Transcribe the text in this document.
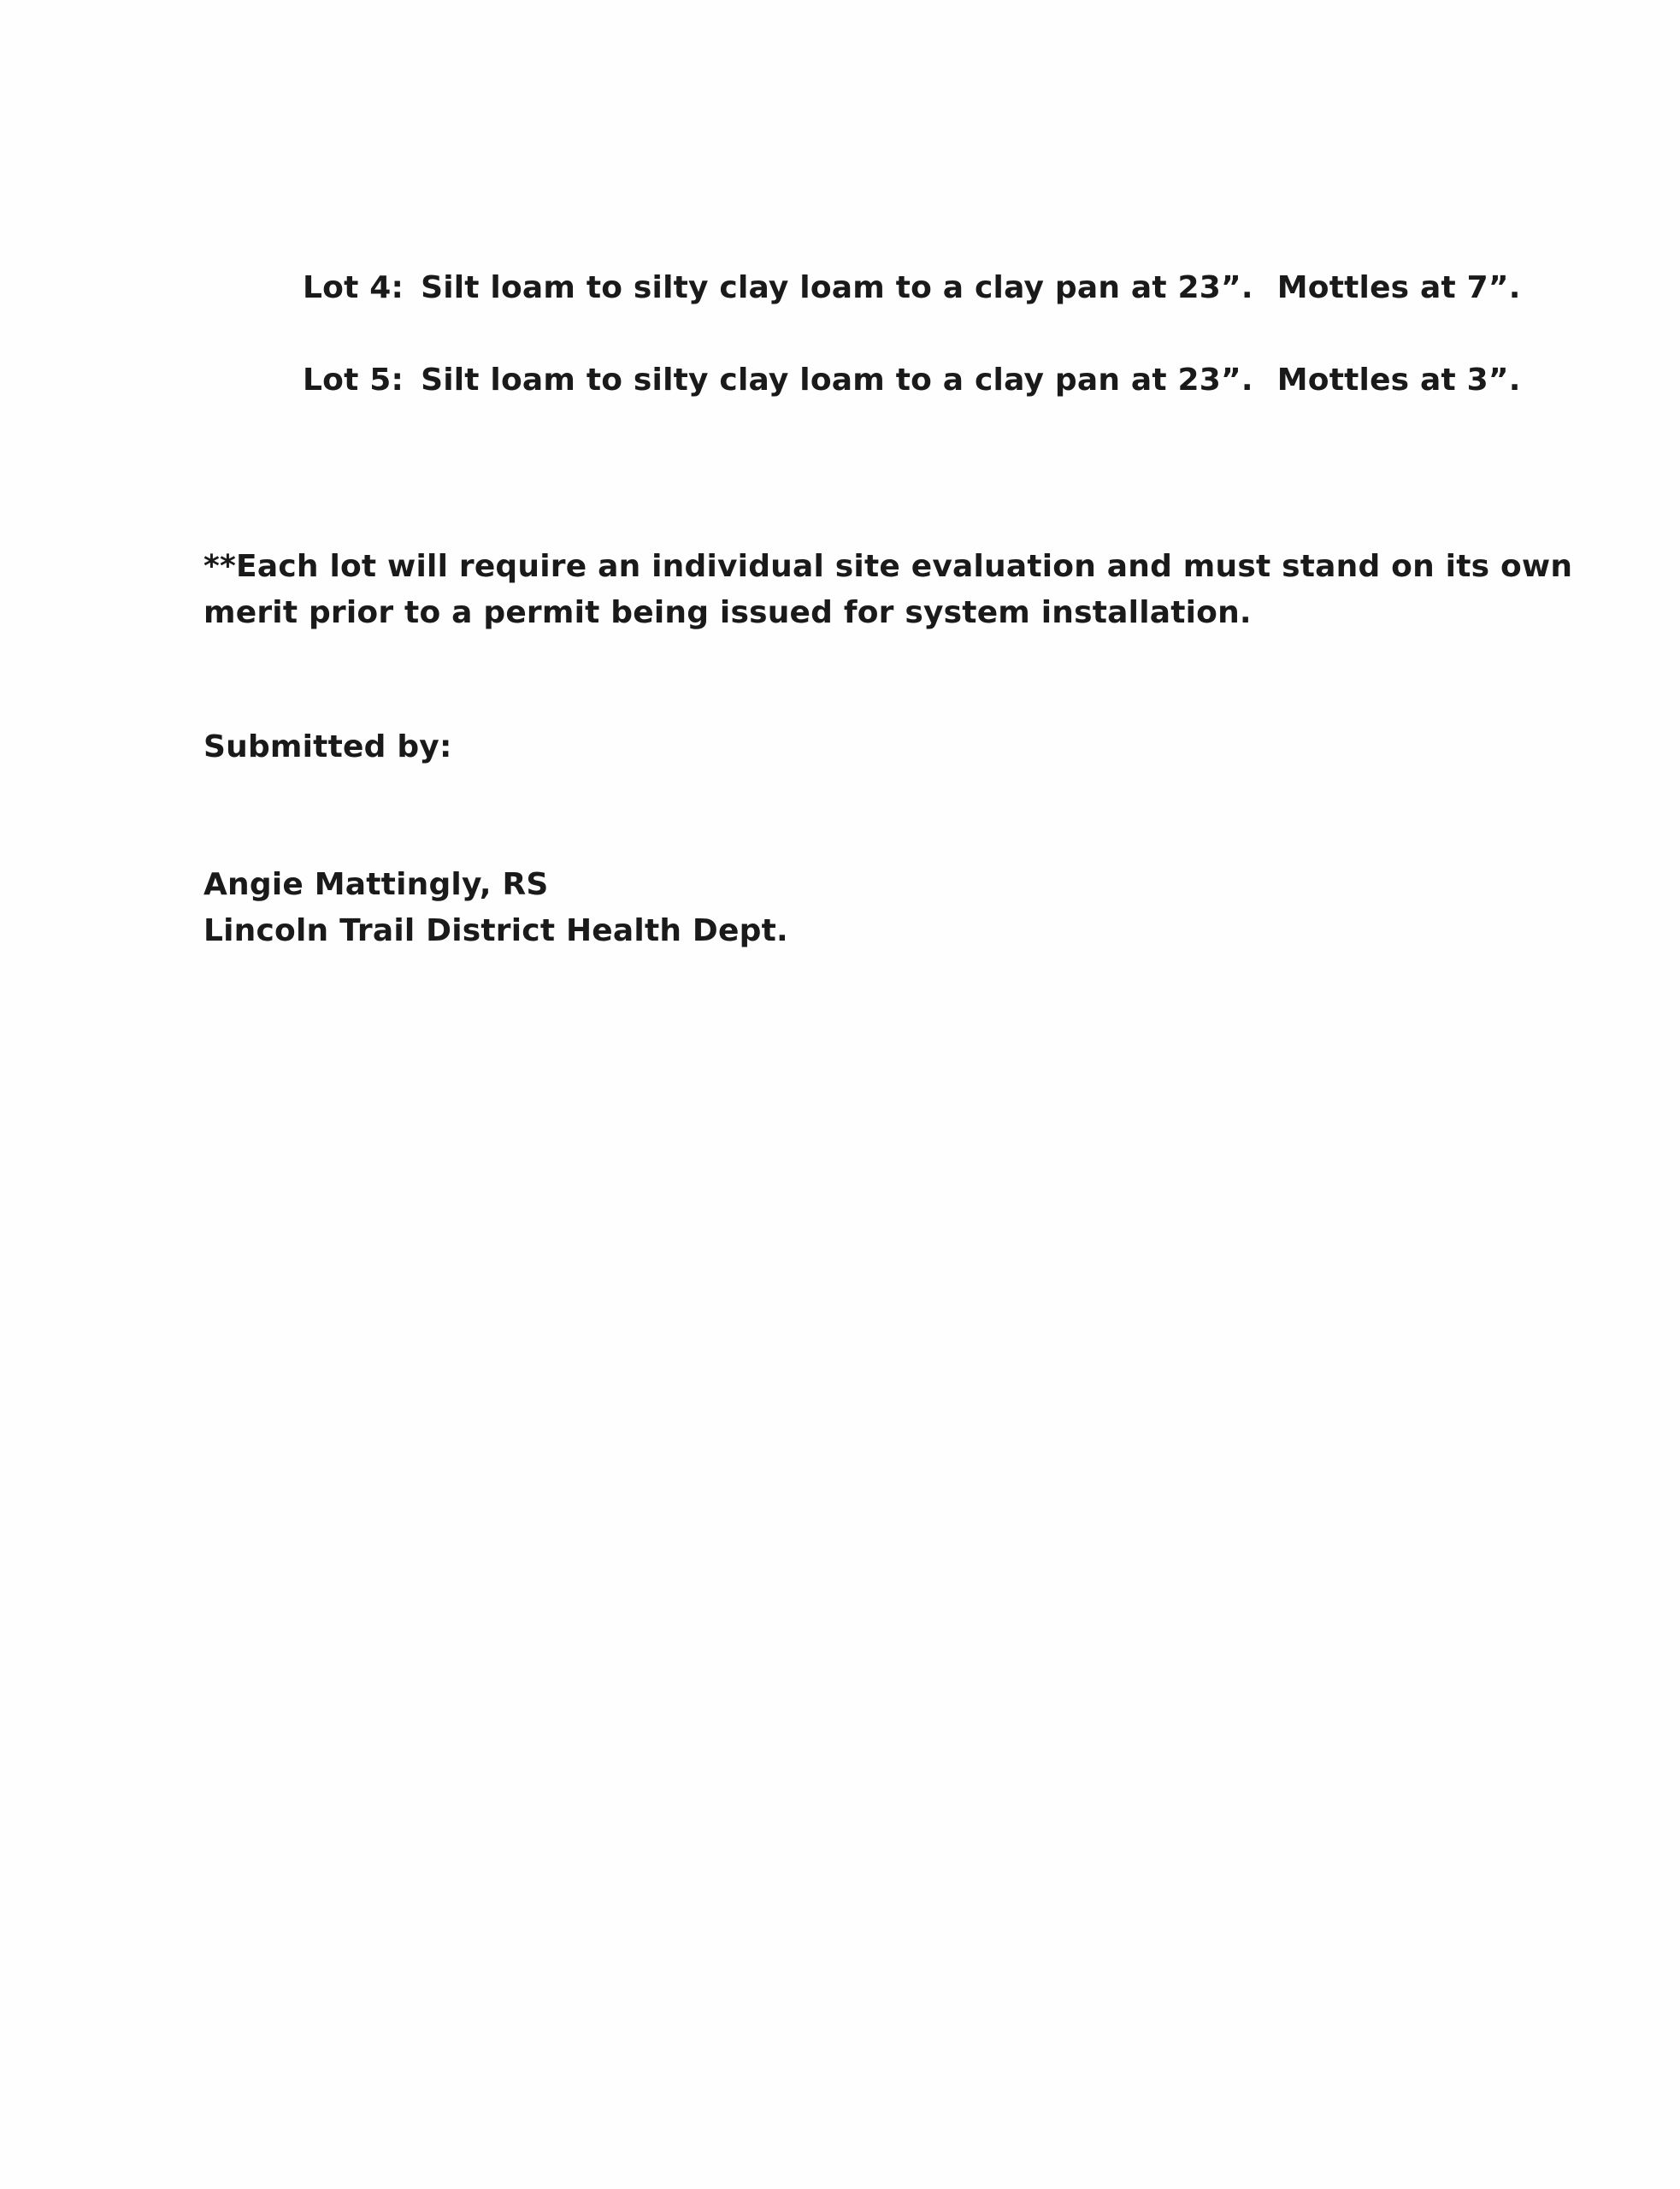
Lot 4: Silt loam to silty clay loam to a clay pan at 23”. Mottles at 7”.
Lot 5: Silt loam to silty clay loam to a clay pan at 23”. Mottles at 3”.
**Each lot will require an individual site evaluation and must stand on its own
merit prior to a permit being issued for system installation.
Submitted by:
Angie Mattingly, RS
Lincoln Trail District Health Dept.
